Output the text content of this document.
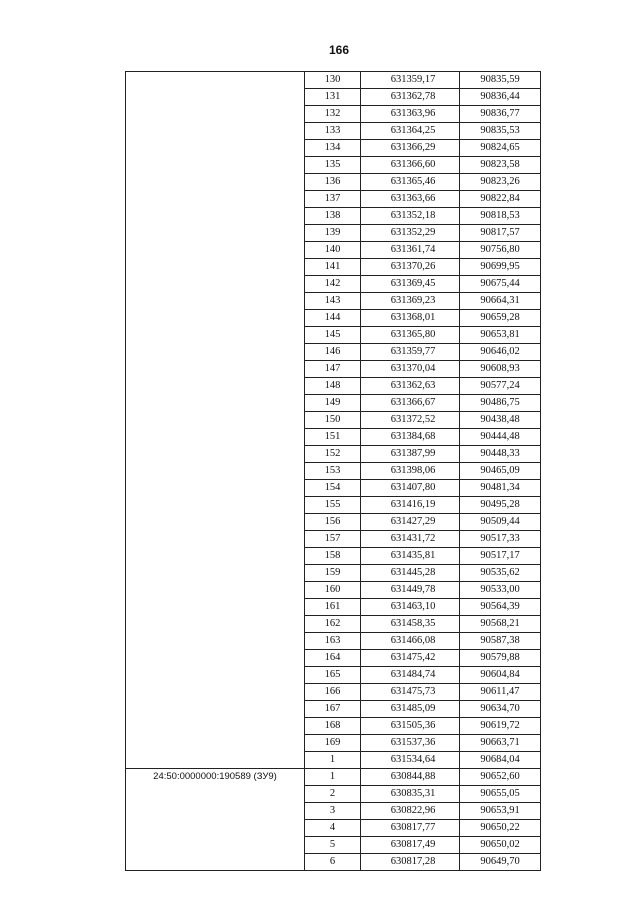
166
	130	631359,17	90835,59
	131	631362,78	90836,44
	132	631363,96	90836,77
	133	631364,25	90835,53
	134	631366,29	90824,65
	135	631366,60	90823,58
	136	631365,46	90823,26
	137	631363,66	90822,84
	138	631352,18	90818,53
	139	631352,29	90817,57
	140	631361,74	90756,80
	141	631370,26	90699,95
	142	631369,45	90675,44
	143	631369,23	90664,31
	144	631368,01	90659,28
	145	631365,80	90653,81
	146	631359,77	90646,02
	147	631370,04	90608,93
	148	631362,63	90577,24
	149	631366,67	90486,75
	150	631372,52	90438,48
	151	631384,68	90444,48
	152	631387,99	90448,33
	153	631398,06	90465,09
	154	631407,80	90481,34
	155	631416,19	90495,28
	156	631427,29	90509,44
	157	631431,72	90517,33
	158	631435,81	90517,17
	159	631445,28	90535,62
	160	631449,78	90533,00
	161	631463,10	90564,39
	162	631458,35	90568,21
	163	631466,08	90587,38
	164	631475,42	90579,88
	165	631484,74	90604,84
	166	631475,73	90611,47
	167	631485,09	90634,70
	168	631505,36	90619,72
	169	631537,36	90663,71
	1	631534,64	90684,04
24:50:0000000:190589 (ЗУ9)	1	630844,88	90652,60
	2	630835,31	90655,05
	3	630822,96	90653,91
	4	630817,77	90650,22
	5	630817,49	90650,02
	6	630817,28	90649,70
